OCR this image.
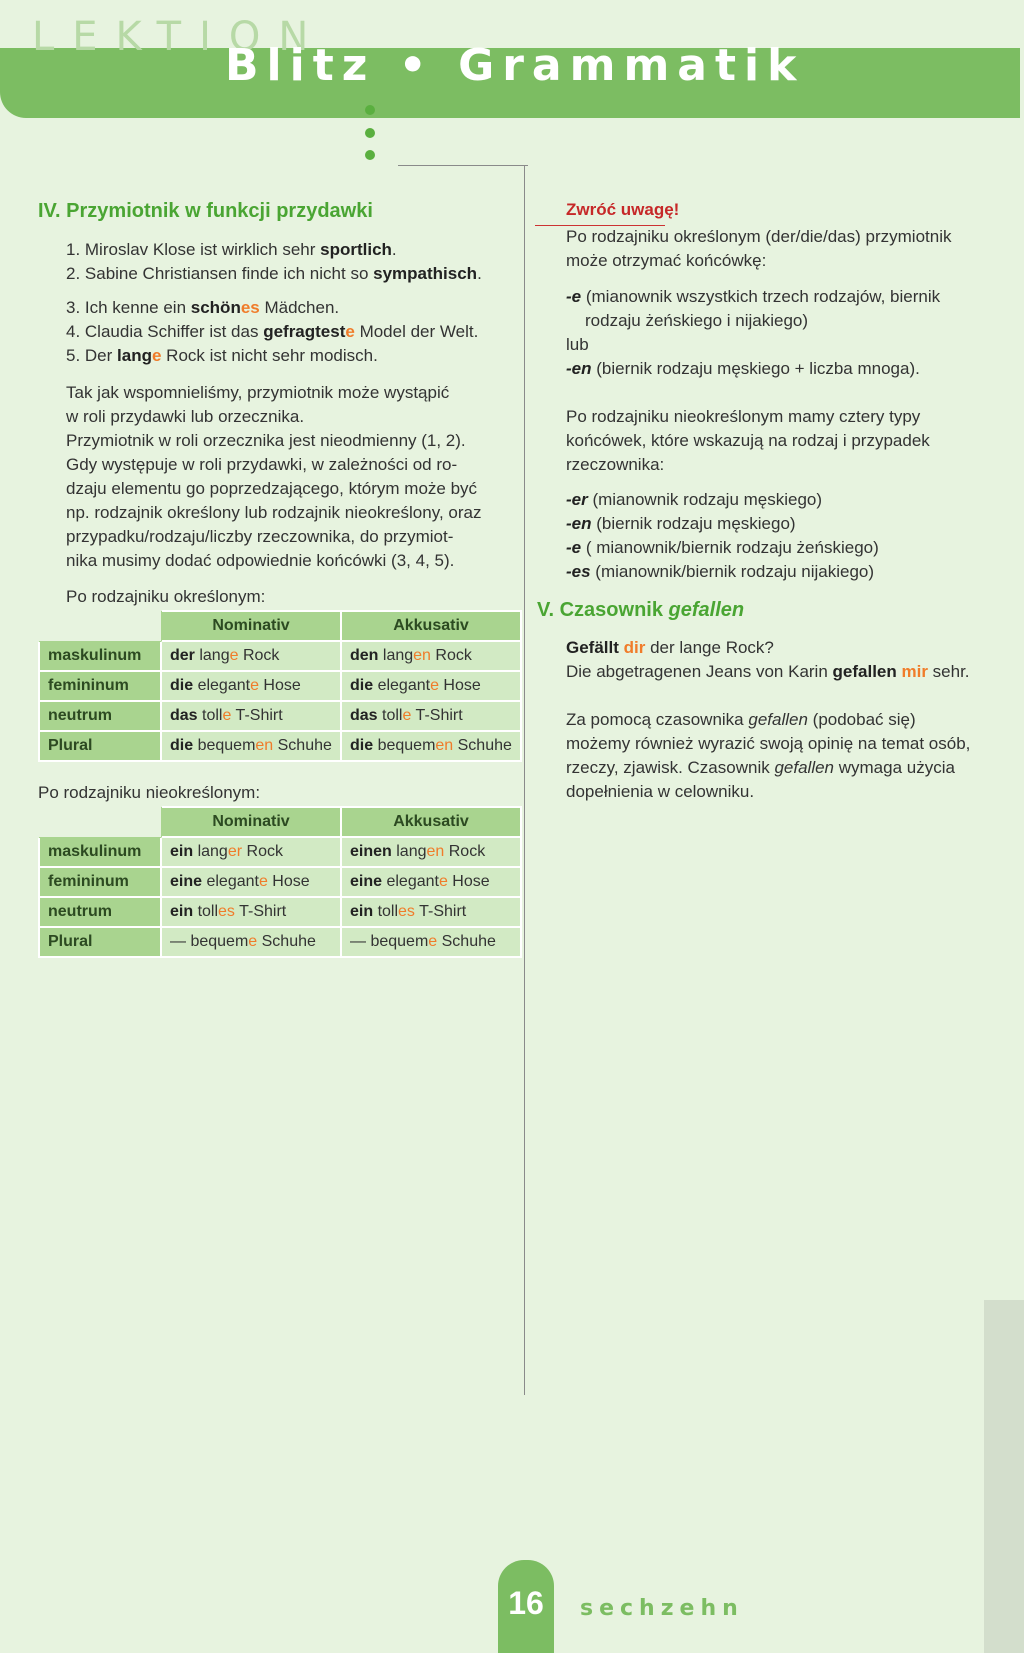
LEKTION
Blitz • Grammatik
IV. Przymiotnik w funkcji przydawki
1. Miroslav Klose ist wirklich sehr sportlich.
2. Sabine Christiansen finde ich nicht so sympathisch.
3. Ich kenne ein schönes Mädchen.
4. Claudia Schiffer ist das gefragteste Model der Welt.
5. Der lange Rock ist nicht sehr modisch.
Tak jak wspomnieliśmy, przymiotnik może wystąpić
w roli przydawki lub orzecznika.
Przymiotnik w roli orzecznika jest nieodmienny (1, 2).
Gdy występuje w roli przydawki, w zależności od ro-
dzaju elementu go poprzedzającego, którym może być
np. rodzajnik określony lub rodzajnik nieokreślony, oraz
przypadku/rodzaju/liczby rzeczownika, do przymiot-
nika musimy dodać odpowiednie końcówki (3, 4, 5).
Po rodzajniku określonym:
	Nominativ	Akkusativ
maskulinum	der lange Rock	den langen Rock
femininum	die elegante Hose	die elegante Hose
neutrum	das tolle T-Shirt	das tolle T-Shirt
Plural	die bequemen Schuhe	die bequemen Schuhe
Po rodzajniku nieokreślonym:
	Nominativ	Akkusativ
maskulinum	ein langer Rock	einen langen Rock
femininum	eine elegante Hose	eine elegante Hose
neutrum	ein tolles T-Shirt	ein tolles T-Shirt
Plural	— bequeme Schuhe	— bequeme Schuhe
Zwróć uwagę!
Po rodzajniku określonym (der/die/das) przymiotnik
może otrzymać końcówkę:
-e (mianownik wszystkich trzech rodzajów, biernik
rodzaju żeńskiego i nijakiego)
lub
-en (biernik rodzaju męskiego + liczba mnoga).
Po rodzajniku nieokreślonym mamy cztery typy
końcówek, które wskazują na rodzaj i przypadek
rzeczownika:
-er (mianownik rodzaju męskiego)
-en (biernik rodzaju męskiego)
-e ( mianownik/biernik rodzaju żeńskiego)
-es (mianownik/biernik rodzaju nijakiego)
V. Czasownik gefallen
Gefällt dir der lange Rock?
Die abgetragenen Jeans von Karin gefallen mir sehr.
Za pomocą czasownika gefallen (podobać się)
możemy również wyrazić swoją opinię na temat osób,
rzeczy, zjawisk. Czasownik gefallen wymaga użycia
dopełnienia w celowniku.
16 sechzehn
